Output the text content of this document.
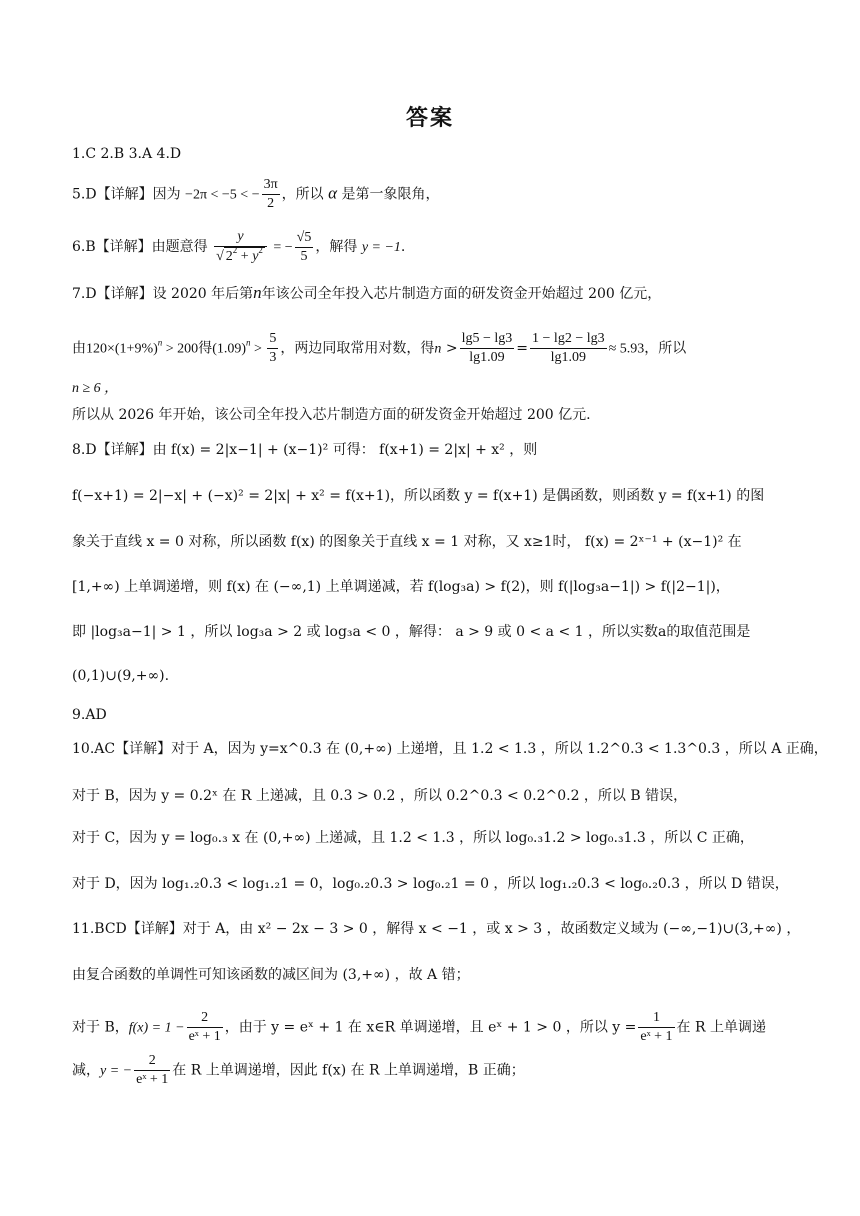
答案
1.C 2.B 3.A 4.D
5.D【详解】因为 −2π < −5 < − $\frac{3\pi}{2}$ ，所以 α 是第一象限角，
6.B【详解】由题意得 $\frac{y}{√ 2^2 + y^2}$ = − $\frac{√5}{5}$ ，解得 y = −1.
7.D【详解】设 2020 年后第n年该公司全年投入芯片制造方面的研发资金开始超过 200 亿元，
由$120\times(1+9\%)^n > 200$得$(1.09)^n > \frac{5}{3}$ ，两边同取常用对数，得$n > \frac{\lg 5 - \lg 3}{\lg 1.09} = \frac{1 - \lg 2 - \lg 3}{\lg 1.09} \approx 5.93$，所以
n ≥ 6 ，
所以从 2026 年开始，该公司全年投入芯片制造方面的研发资金开始超过 200 亿元.
8.D【详解】由 f(x) = 2|x−1| + (x−1)² 可得： f(x+1) = 2|x| + x² ，则
f(−x+1) = 2|−x| + (−x)² = 2|x| + x² = f(x+1)，所以函数 y = f(x+1) 是偶函数，则函数 y = f(x+1) 的图
象关于直线 x = 0 对称，所以函数 f(x) 的图象关于直线 x = 1 对称，又 x≥1时， f(x) = 2ˣ⁻¹ + (x−1)² 在
[1,+∞) 上单调递增，则 f(x) 在 (−∞,1) 上单调递减，若 f(log₃a) > f(2)，则 f(|log₃a−1|) > f(|2−1|)，
即 |log₃a−1| > 1 ，所以 log₃a > 2 或 log₃a < 0 ，解得： a > 9 或 0 < a < 1 ，所以实数a的取值范围是
(0,1)∪(9,+∞).
9.AD
10.AC【详解】对于 A，因为 y=x^0.3 在 (0,+∞) 上递增，且 1.2 < 1.3 ，所以 1.2^0.3 < 1.3^0.3 ，所以 A 正确，
对于 B，因为 y = 0.2ˣ 在 R 上递减，且 0.3 > 0.2 ，所以 0.2^0.3 < 0.2^0.2 ，所以 B 错误，
对于 C，因为 y = log₀.₃ x 在 (0,+∞) 上递减，且 1.2 < 1.3 ，所以 log₀.₃1.2 > log₀.₃1.3 ，所以 C 正确，
对于 D，因为 log₁.₂0.3 < log₁.₂1 = 0，log₀.₂0.3 > log₀.₂1 = 0 ，所以 log₁.₂0.3 < log₀.₂0.3 ，所以 D 错误，
11.BCD【详解】对于 A，由 x² − 2x − 3 > 0 ，解得 x < −1 ，或 x > 3 ，故函数定义域为 (−∞,−1)∪(3,+∞) ，
由复合函数的单调性可知该函数的减区间为 (3,+∞) ，故 A 错；
对于 B，$f(x) = 1 - \frac{2}{\text{eˣ + 1}}$ ，由于 y = eˣ + 1 在 x∈R 单调递增，且 eˣ + 1 > 0 ，所以 $y = \frac{1}{\text{eˣ + 1}}$ 在 R 上单调递
减，y = − $\frac{2}{\text{eˣ + 1}}$ 在 R 上单调递增，因此 f(x) 在 R 上单调递增，B 正确；
